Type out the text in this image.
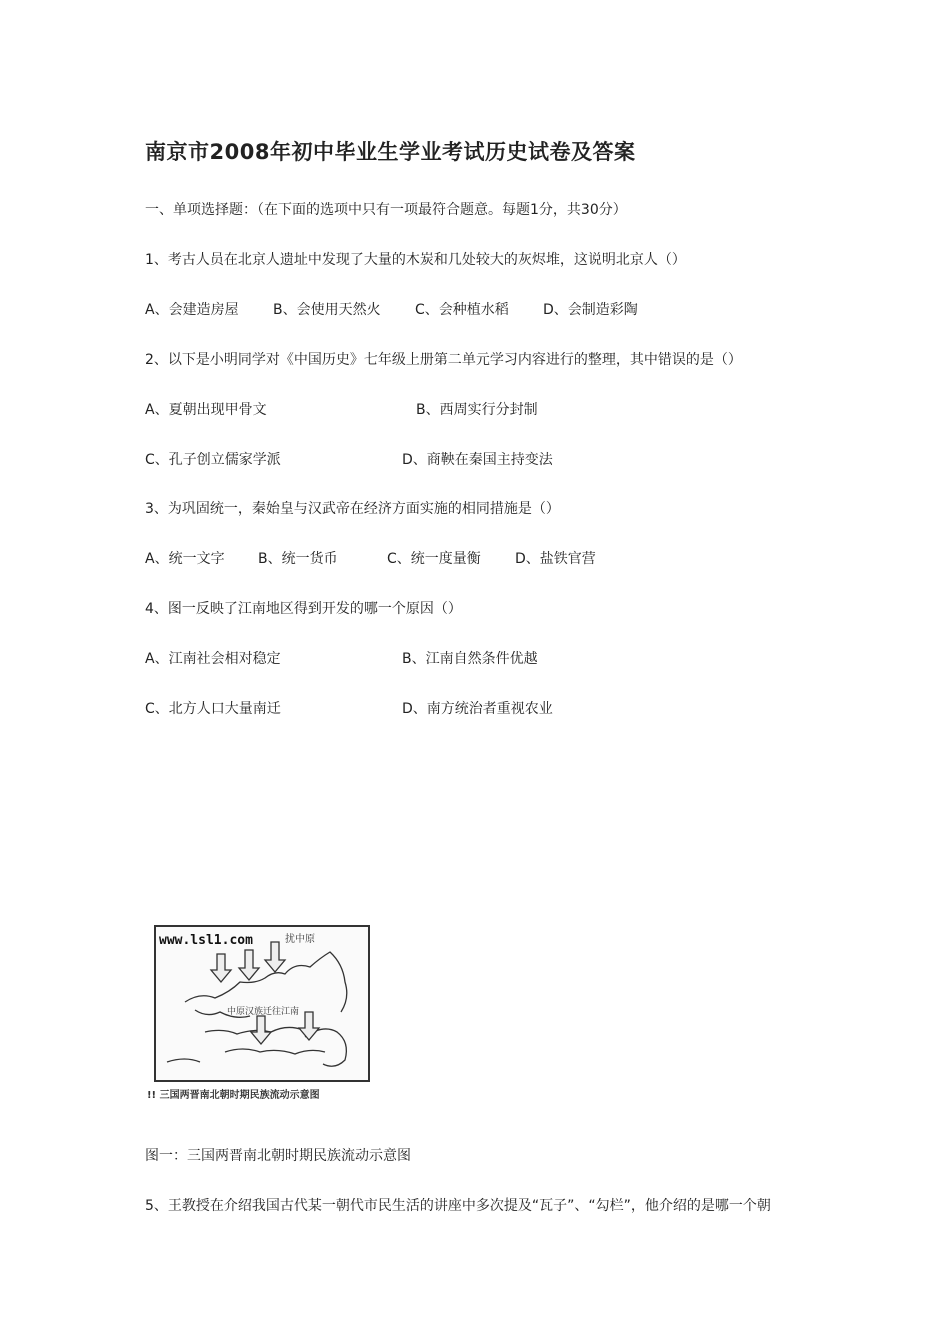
南京市2008年初中毕业生学业考试历史试卷及答案
一、单项选择题：（在下面的选项中只有一项最符合题意。每题1分，共30分）
1、考古人员在北京人遗址中发现了大量的木炭和几处较大的灰烬堆，这说明北京人（）
A、会建造房屋 B、会使用天然火 C、会种植水稻 D、会制造彩陶
2、以下是小明同学对《中国历史》七年级上册第二单元学习内容进行的整理，其中错误的是（）
A、夏朝出现甲骨文	B、西周实行分封制
C、孔子创立儒家学派	D、商鞅在秦国主持变法
3、为巩固统一，秦始皇与汉武帝在经济方面实施的相同措施是（）
A、统一文字 B、统一货币	C、统一度量衡 D、盐铁官营
4、图一反映了江南地区得到开发的哪一个原因（）
A、江南社会相对稳定	B、江南自然条件优越
C、北方人口大量南迁	D、南方统治者重视农业
www.lsl1.com	扰中原
中原汉族迁往江南
!! 三国两晋南北朝时期民族流动示意图
图一：三国两晋南北朝时期民族流动示意图
5、王教授在介绍我国古代某一朝代市民生活的讲座中多次提及“瓦子”、“勾栏”，他介绍的是哪一个朝
